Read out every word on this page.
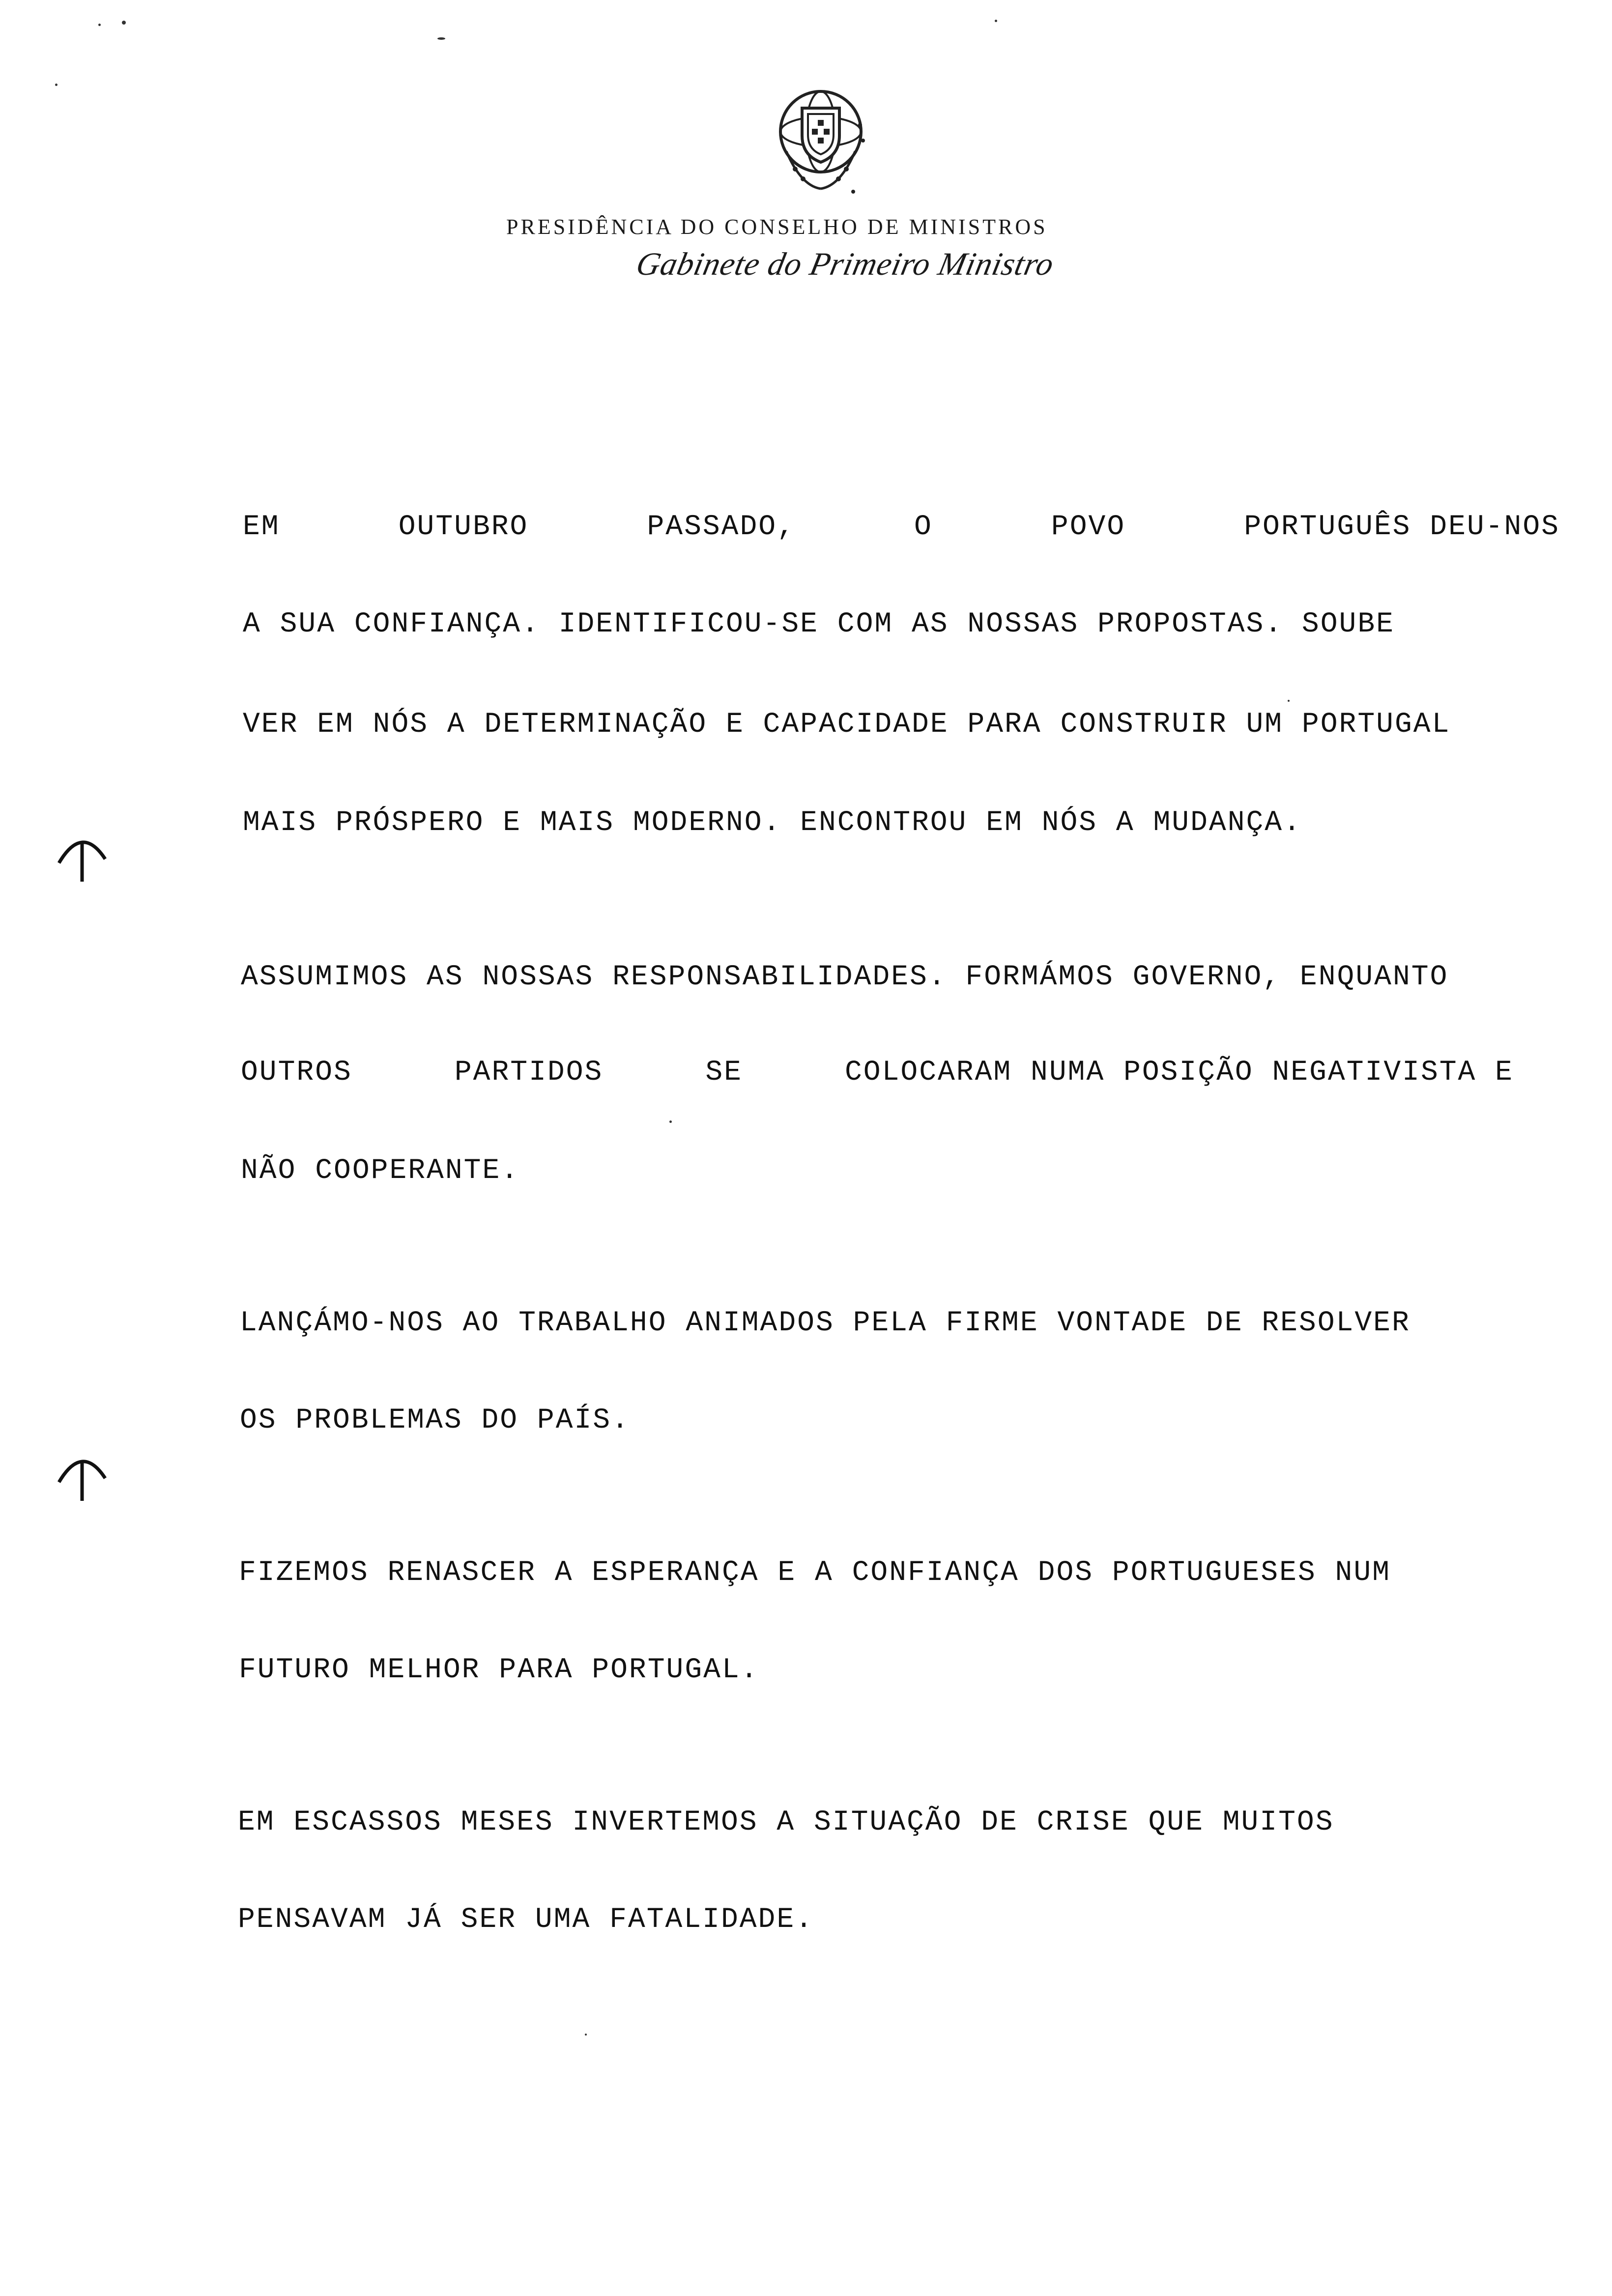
PRESIDÊNCIA DO CONSELHO DE MINISTROS
Gabinete do Primeiro Ministro
EM	OUTUBRO	PASSADO,	O	POVO	PORTUGUÊS DEU-NOS
A SUA CONFIANÇA. IDENTIFICOU-SE COM AS NOSSAS PROPOSTAS. SOUBE
VER EM NÓS A DETERMINAÇÃO E CAPACIDADE PARA CONSTRUIR UM PORTUGAL
MAIS PRÓSPERO E MAIS MODERNO. ENCONTROU EM NÓS A MUDANÇA.
ASSUMIMOS AS NOSSAS RESPONSABILIDADES. FORMÁMOS GOVERNO, ENQUANTO
OUTROS	PARTIDOS	SE	COLOCARAM NUMA POSIÇÃO NEGATIVISTA E
NÃO COOPERANTE.
LANÇÁMO-NOS AO TRABALHO ANIMADOS PELA FIRME VONTADE DE RESOLVER
OS PROBLEMAS DO PAÍS.
FIZEMOS RENASCER A ESPERANÇA E A CONFIANÇA DOS PORTUGUESES NUM
FUTURO MELHOR PARA PORTUGAL.
EM ESCASSOS MESES INVERTEMOS A SITUAÇÃO DE CRISE QUE MUITOS
PENSAVAM JÁ SER UMA FATALIDADE.
